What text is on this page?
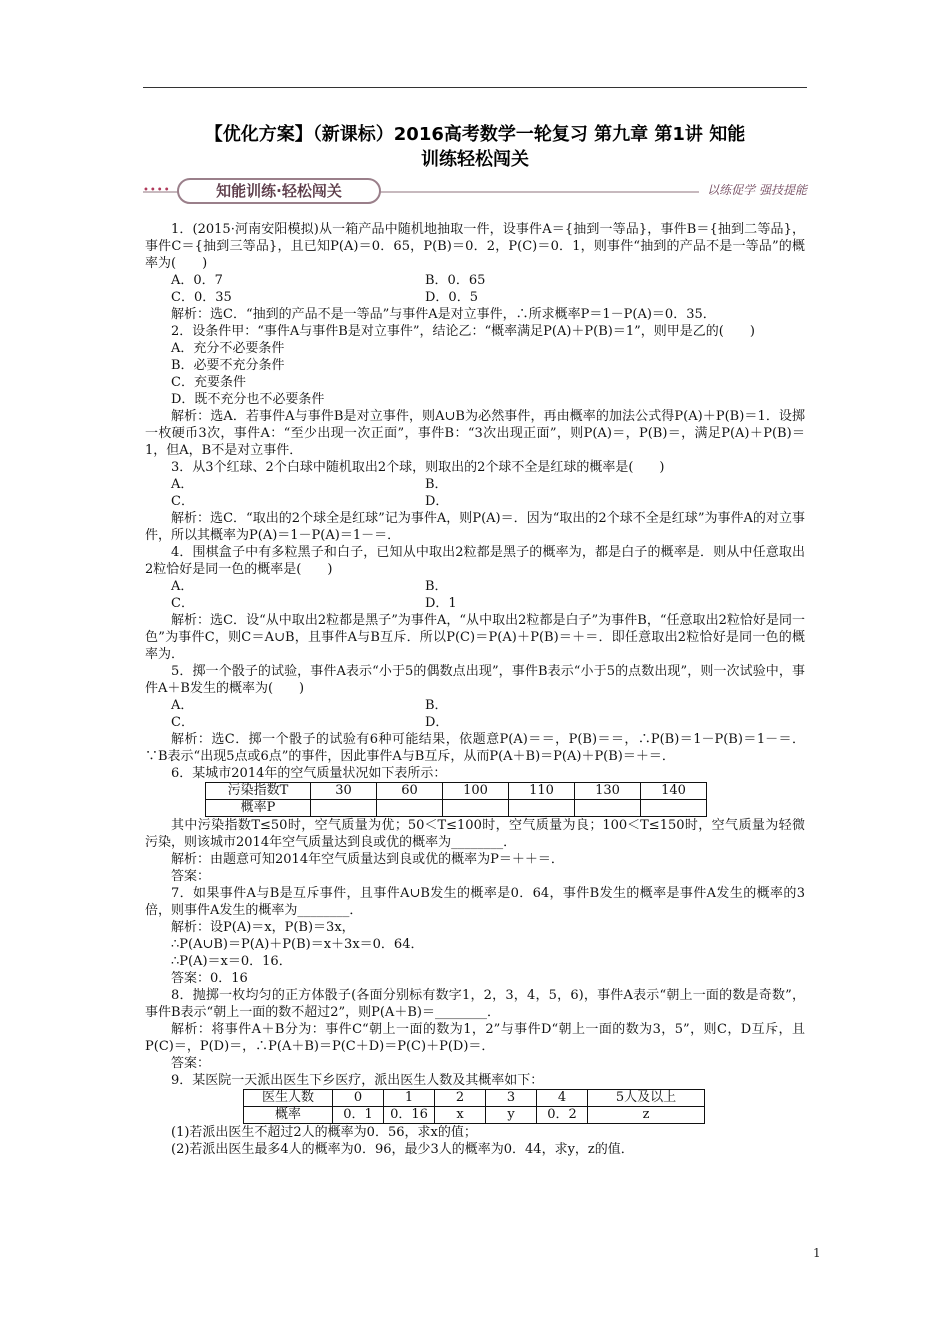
【优化方案】（新课标）2016高考数学一轮复习 第九章 第1讲 知能
训练轻松闯关
••••	知能训练·轻松闯关	以练促学 强技提能

1．(2015·河南安阳模拟)从一箱产品中随机地抽取一件，设事件A＝{抽到一等品}，事件B＝{抽到二等品}，事件C＝{抽到三等品}，且已知P(A)＝0．65，P(B)＝0．2，P(C)＝0．1，则事件“抽到的产品不是一等品”的概率为(　　)

A．0．7	B．0．65
C．0．35	D．0．5

解析：选C．“抽到的产品不是一等品”与事件A是对立事件，∴所求概率P＝1－P(A)＝0．35．

2．设条件甲：“事件A与事件B是对立事件”，结论乙：“概率满足P(A)＋P(B)＝1”，则甲是乙的(　　)

A．充分不必要条件

B．必要不充分条件

C．充要条件

D．既不充分也不必要条件

解析：选A．若事件A与事件B是对立事件，则A∪B为必然事件，再由概率的加法公式得P(A)＋P(B)＝1．设掷一枚硬币3次，事件A：“至少出现一次正面”，事件B：“3次出现正面”，则P(A)＝，P(B)＝，满足P(A)＋P(B)＝1，但A，B不是对立事件．

3．从3个红球、2个白球中随机取出2个球，则取出的2个球不全是红球的概率是(　　)

A．	B．
C．	D．

解析：选C．“取出的2个球全是红球”记为事件A，则P(A)＝．因为“取出的2个球不全是红球”为事件A的对立事件，所以其概率为P(A)＝1－P(A)＝1－＝．

4．围棋盒子中有多粒黑子和白子，已知从中取出2粒都是黑子的概率为，都是白子的概率是．则从中任意取出2粒恰好是同一色的概率是(　　)

A．	B．
C．	D．1

解析：选C．设“从中取出2粒都是黑子”为事件A，“从中取出2粒都是白子”为事件B，“任意取出2粒恰好是同一色”为事件C，则C＝A∪B，且事件A与B互斥．所以P(C)＝P(A)＋P(B)＝＋＝．即任意取出2粒恰好是同一色的概率为．

5．掷一个骰子的试验，事件A表示“小于5的偶数点出现”，事件B表示“小于5的点数出现”，则一次试验中，事件A＋B发生的概率为(　　)

A．	B．
C．	D．

解析：选C．掷一个骰子的试验有6种可能结果，依题意P(A)＝＝，P(B)＝＝，∴P(B)＝1－P(B)＝1－＝．∵B表示“出现5点或6点”的事件，因此事件A与B互斥，从而P(A＋B)＝P(A)＋P(B)＝＋＝．

6．某城市2014年的空气质量状况如下表所示：

污染指数T	30	60	100	110	130	140
概率P						

其中污染指数T≤50时，空气质量为优；50＜T≤100时，空气质量为良；100＜T≤150时，空气质量为轻微污染，则该城市2014年空气质量达到良或优的概率为________．

解析：由题意可知2014年空气质量达到良或优的概率为P＝＋＋＝．

答案：

7．如果事件A与B是互斥事件，且事件A∪B发生的概率是0．64，事件B发生的概率是事件A发生的概率的3倍，则事件A发生的概率为________．

解析：设P(A)＝x，P(B)＝3x，

∴P(A∪B)＝P(A)＋P(B)＝x＋3x＝0．64．

∴P(A)＝x＝0．16．

答案：0．16

8．抛掷一枚均匀的正方体骰子(各面分别标有数字1，2，3，4，5，6)，事件A表示“朝上一面的数是奇数”，事件B表示“朝上一面的数不超过2”，则P(A＋B)＝________．

解析：将事件A＋B分为：事件C“朝上一面的数为1，2”与事件D“朝上一面的数为3，5”，则C，D互斥，且P(C)＝，P(D)＝，∴P(A＋B)＝P(C＋D)＝P(C)＋P(D)＝．

答案：

9．某医院一天派出医生下乡医疗，派出医生人数及其概率如下：

医生人数	0	1	2	3	4	5人及以上
概率	0．1	0．16	x	y	0．2	z

(1)若派出医生不超过2人的概率为0．56，求x的值；

(2)若派出医生最多4人的概率为0．96，最少3人的概率为0．44，求y，z的值．

1
